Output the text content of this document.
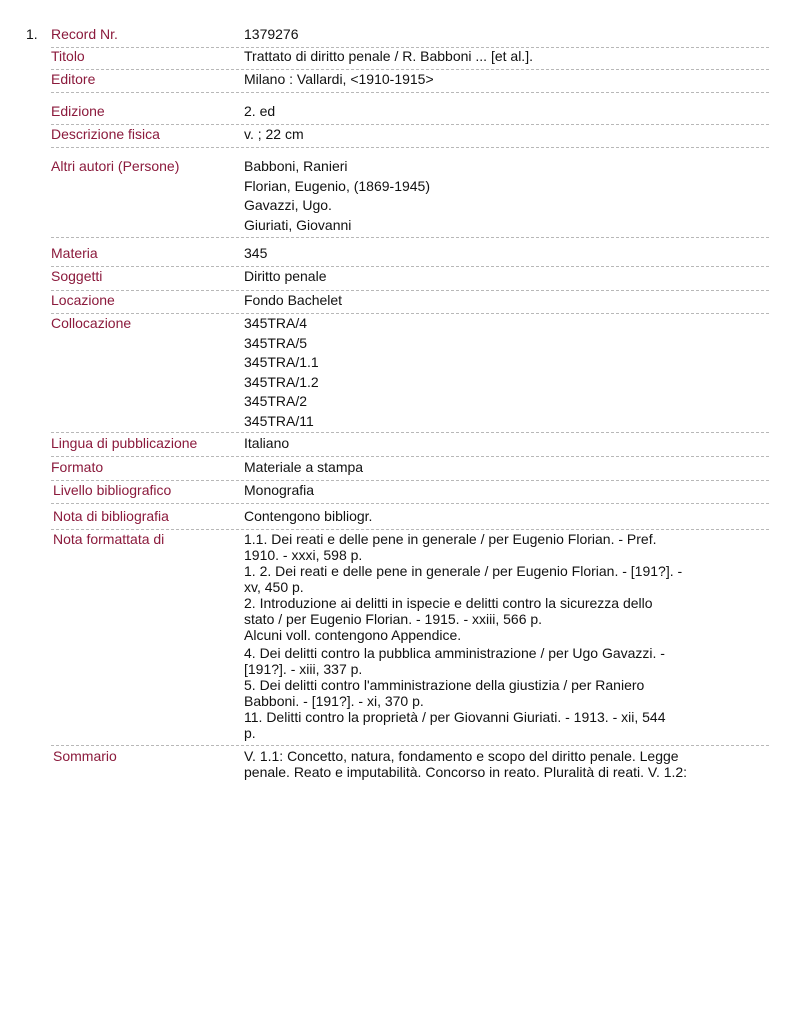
1. Record Nr.	1379276
Titolo	Trattato di diritto penale / R. Babboni ... [et al.].
Editore	Milano : Vallardi, <1910-1915>
Edizione	2. ed
Descrizione fisica	v. ; 22 cm
Altri autori (Persone)	Babboni, Ranieri
Florian, Eugenio, (1869-1945)
Gavazzi, Ugo.
Giuriati, Giovanni
Materia	345
Soggetti	Diritto penale
Locazione	Fondo Bachelet
Collocazione	345TRA/4
345TRA/5
345TRA/1.1
345TRA/1.2
345TRA/2
345TRA/11
Lingua di pubblicazione	Italiano
Formato	Materiale a stampa
Livello bibliografico	Monografia
Nota di bibliografia	Contengono bibliogr.
Nota formattata di	1.1. Dei reati e delle pene in generale / per Eugenio Florian. - Pref.
1910. - xxxi, 598 p.
1. 2. Dei reati e delle pene in generale / per Eugenio Florian. - [191?]. -
xv, 450 p.
2. Introduzione ai delitti in ispecie e delitti contro la sicurezza dello
stato / per Eugenio Florian. - 1915. - xxiii, 566 p.
Alcuni voll. contengono Appendice.
4. Dei delitti contro la pubblica amministrazione / per Ugo Gavazzi. -
[191?]. - xiii, 337 p.
5. Dei delitti contro l'amministrazione della giustizia / per Raniero
Babboni. - [191?]. - xi, 370 p.
11. Delitti contro la proprietà / per Giovanni Giuriati. - 1913. - xii, 544
p.
Sommario	V. 1.1: Concetto, natura, fondamento e scopo del diritto penale. Legge
penale. Reato e imputabilità. Concorso in reato. Pluralità di reati. V. 1.2:
